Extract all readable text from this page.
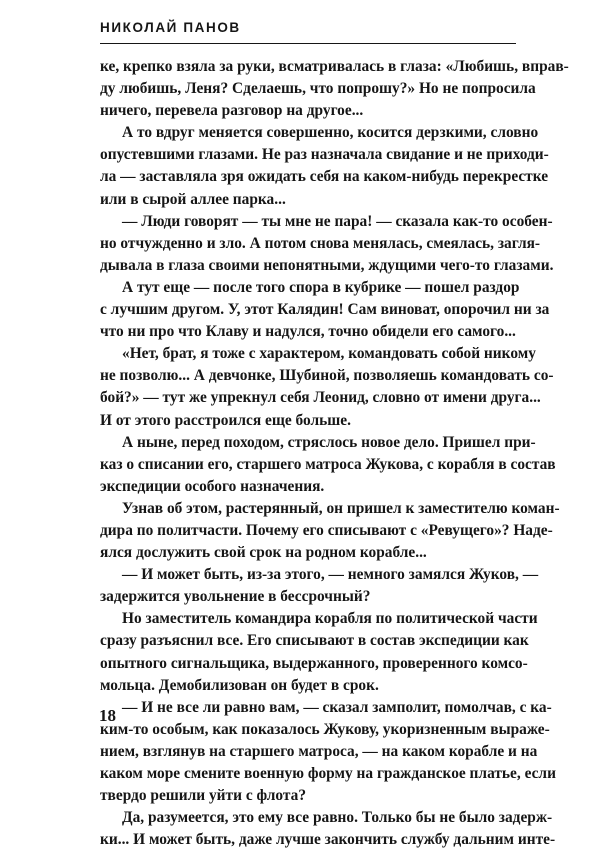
НИКОЛАЙ ПАНОВ
ке, крепко взяла за руки, всматривалась в глаза: «Любишь, вправ-
ду любишь, Леня? Сделаешь, что попрошу?» Но не попросила
ничего, перевела разговор на другое...
А то вдруг меняется совершенно, косится дерзкими, словно
опустевшими глазами. Не раз назначала свидание и не приходи-
ла — заставляла зря ожидать себя на каком-нибудь перекрестке
или в сырой аллее парка...
— Люди говорят — ты мне не пара! — сказала как-то особен-
но отчужденно и зло. А потом снова менялась, смеялась, загля-
дывала в глаза своими непонятными, ждущими чего-то глазами.
А тут еще — после того спора в кубрике — пошел раздор
с лучшим другом. У, этот Калядин! Сам виноват, опорочил ни за
что ни про что Клаву и надулся, точно обидели его самого...
«Нет, брат, я тоже с характером, командовать собой никому
не позволю... А девчонке, Шубиной, позволяешь командовать со-
бой?» — тут же упрекнул себя Леонид, словно от имени друга...
И от этого расстроился еще больше.
А ныне, перед походом, стряслось новое дело. Пришел при-
каз о списании его, старшего матроса Жукова, с корабля в состав
экспедиции особого назначения.
Узнав об этом, растерянный, он пришел к заместителю коман-
дира по политчасти. Почему его списывают с «Ревущего»? Наде-
ялся дослужить свой срок на родном корабле...
— И может быть, из-за этого, — немного замялся Жуков, —
задержится увольнение в бессрочный?
Но заместитель командира корабля по политической части
сразу разъяснил все. Его списывают в состав экспедиции как
опытного сигнальщика, выдержанного, проверенного комсо-
мольца. Демобилизован он будет в срок.
— И не все ли равно вам, — сказал замполит, помолчав, с ка-
ким-то особым, как показалось Жукову, укоризненным выраже-
нием, взглянув на старшего матроса, — на каком корабле и на
каком море смените военную форму на гражданское платье, если
твердо решили уйти с флота?
Да, разумеется, это ему все равно. Только бы не было задерж-
ки... И может быть, даже лучше закончить службу дальним инте-
18
